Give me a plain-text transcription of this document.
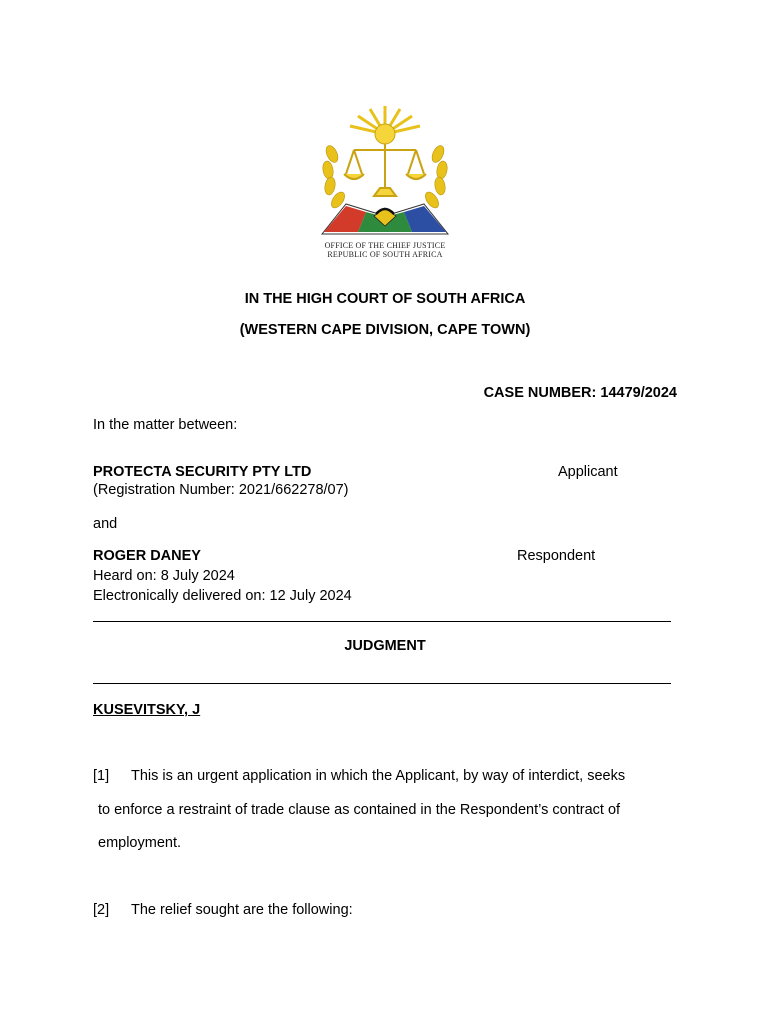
OFFICE OF THE CHIEF JUSTICE
REPUBLIC OF SOUTH AFRICA
IN THE HIGH COURT OF SOUTH AFRICA
(WESTERN CAPE DIVISION, CAPE TOWN)
CASE NUMBER: 14479/2024
In the matter between:
PROTECTA SECURITY PTY LTD	Applicant
(Registration Number: 2021/662278/07)
and
ROGER DANEY	Respondent
Heard on: 8 July 2024
Electronically delivered on: 12 July 2024
JUDGMENT
KUSEVITSKY, J
[1] This is an urgent application in which the Applicant, by way of interdict, seeks
to enforce a restraint of trade clause as contained in the Respondent’s contract of
employment.
[2] The relief sought are the following:
